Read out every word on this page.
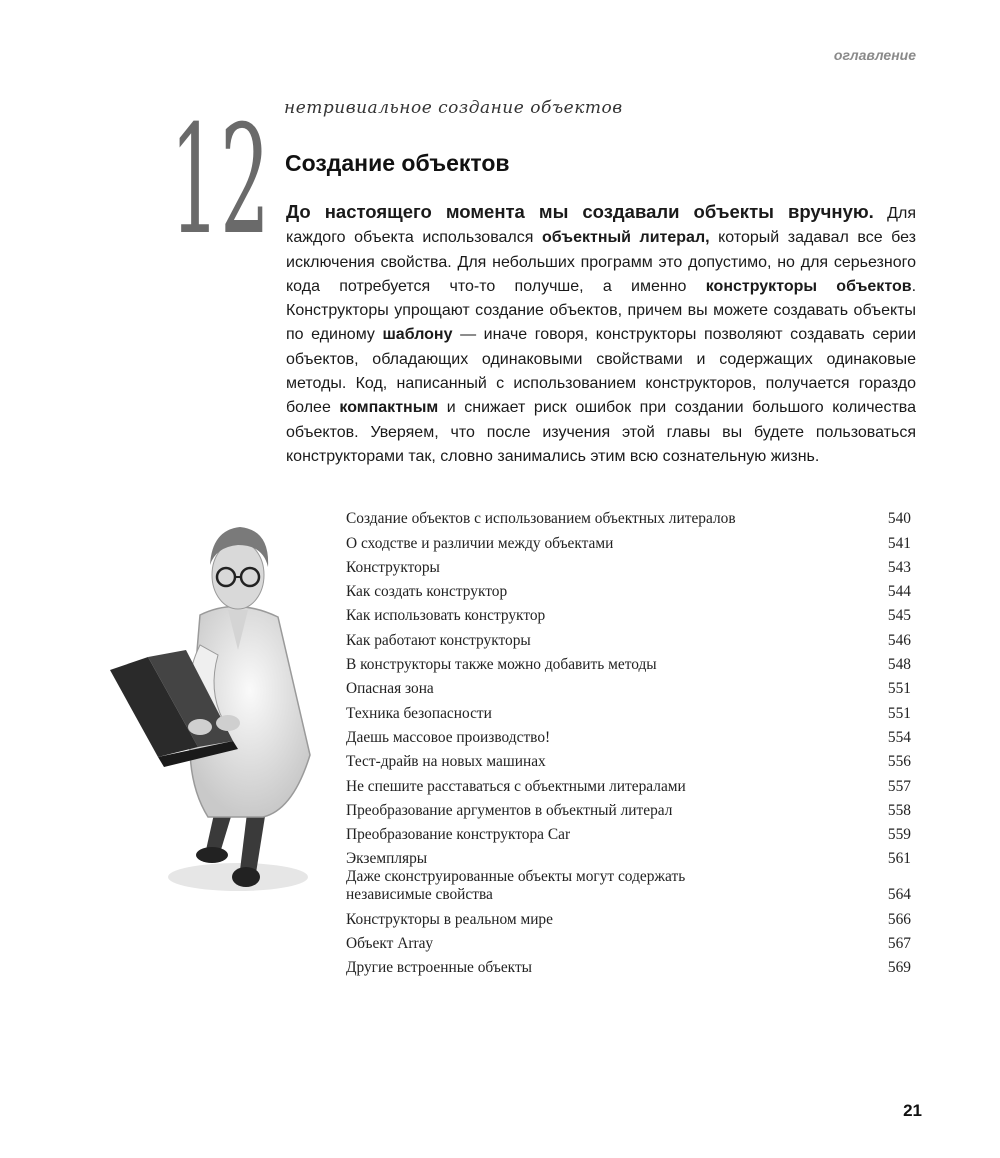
оглавление
12 нетривиальное создание объектов
Создание объектов

До настоящего момента мы создавали объекты вручную. Для каждого объекта использовался объектный литерал, который задавал все без исключения свойства. Для небольших программ это допустимо, но для серьезного кода потребуется что-то получше, а именно конструкторы объектов. Конструкторы упрощают создание объектов, причем вы можете создавать объекты по единому шаблону — иначе говоря, конструкторы позволяют создавать серии объектов, обладающих одинаковыми свойствами и содержащих одинаковые методы. Код, написанный с использованием конструкторов, получается гораздо более компактным и снижает риск ошибок при создании большого количества объектов. Уверяем, что после изучения этой главы вы будете пользоваться конструкторами так, словно занимались этим всю сознательную жизнь.

Создание объектов с использованием объектных литералов	540
О сходстве и различии между объектами	541
Конструкторы	543
Как создать конструктор	544
Как использовать конструктор	545
Как работают конструкторы	546
В конструкторы также можно добавить методы	548
Опасная зона	551
Техника безопасности	551
Даешь массовое производство!	554
Тест-драйв на новых машинах	556
Не спешите расставаться с объектными литералами	557
Преобразование аргументов в объектный литерал	558
Преобразование конструктора Car	559
Экземпляры	561
Даже сконструированные объекты могут содержать независимые свойства	564
Конструкторы в реальном мире	566
Объект Array	567
Другие встроенные объекты	569
21
